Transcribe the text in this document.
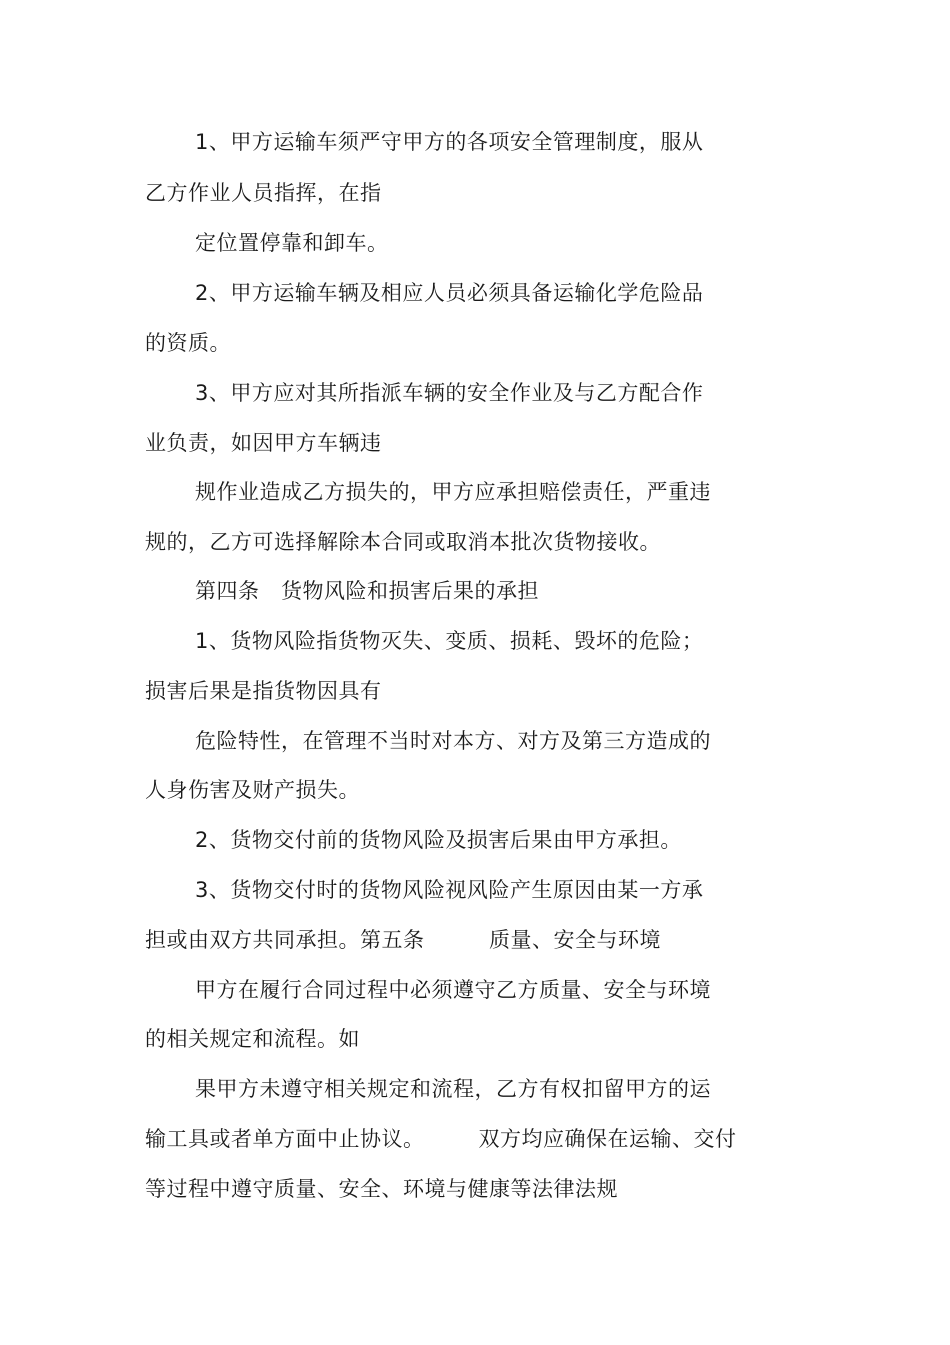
1、甲方运输车须严守甲方的各项安全管理制度，服从
乙方作业人员指挥，在指
定位置停靠和卸车。
2、甲方运输车辆及相应人员必须具备运输化学危险品
的资质。
3、甲方应对其所指派车辆的安全作业及与乙方配合作
业负责，如因甲方车辆违
规作业造成乙方损失的，甲方应承担赔偿责任，严重违
规的，乙方可选择解除本合同或取消本批次货物接收。
第四条　货物风险和损害后果的承担
1、货物风险指货物灭失、变质、损耗、毁坏的危险；
损害后果是指货物因具有
危险特性，在管理不当时对本方、对方及第三方造成的
人身伤害及财产损失。
2、货物交付前的货物风险及损害后果由甲方承担。
3、货物交付时的货物风险视风险产生原因由某一方承
担或由双方共同承担。第五条　　　质量、安全与环境
甲方在履行合同过程中必须遵守乙方质量、安全与环境
的相关规定和流程。如
果甲方未遵守相关规定和流程，乙方有权扣留甲方的运
输工具或者单方面中止协议。　　　双方均应确保在运输、交付
等过程中遵守质量、安全、环境与健康等法律法规
